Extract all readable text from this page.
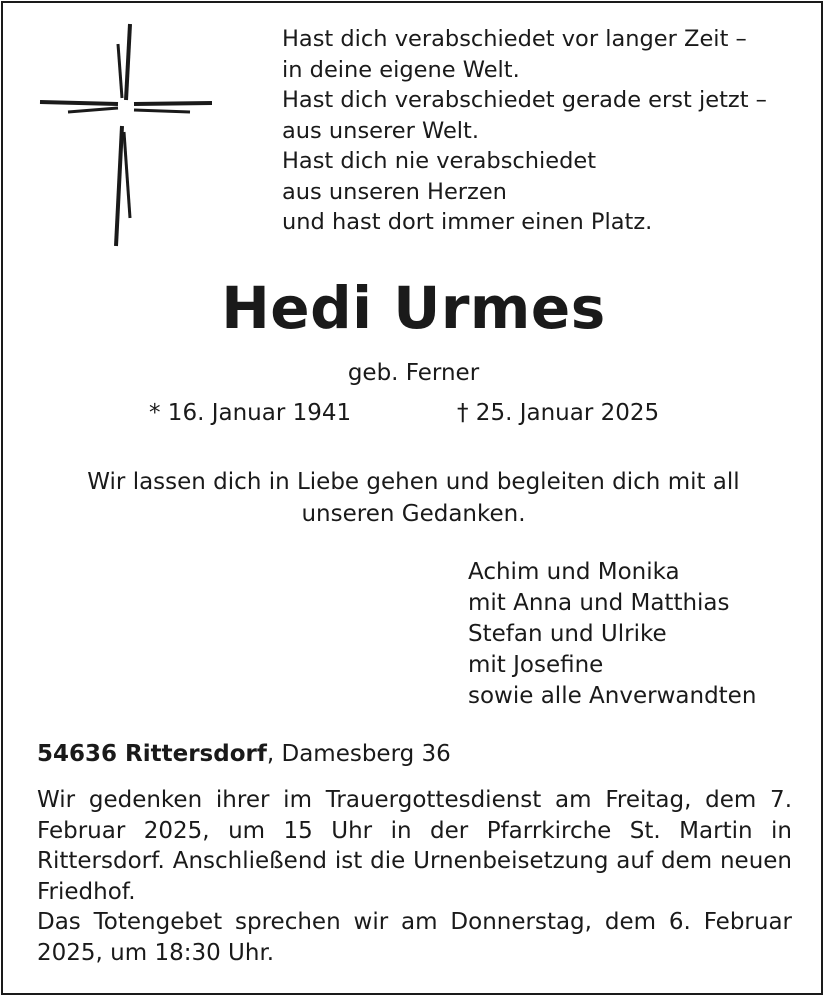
Hast dich verabschiedet vor langer Zeit –
in deine eigene Welt.
Hast dich verabschiedet gerade erst jetzt –
aus unserer Welt.
Hast dich nie verabschiedet
aus unseren Herzen
und hast dort immer einen Platz.
Hedi Urmes
geb. Ferner
* 16. Januar 1941	† 25. Januar 2025
Wir lassen dich in Liebe gehen und begleiten dich mit all unseren Gedanken.
Achim und Monika
mit Anna und Matthias
Stefan und Ulrike
mit Josefine
sowie alle Anverwandten
54636 Rittersdorf, Damesberg 36

Wir gedenken ihrer im Trauergottesdienst am Freitag, dem 7. Februar 2025, um 15 Uhr in der Pfarrkirche St. Martin in Rittersdorf. Anschließend ist die Urnenbeisetzung auf dem neuen Friedhof.

Das Totengebet sprechen wir am Donnerstag, dem 6. Februar 2025, um 18:30 Uhr.
